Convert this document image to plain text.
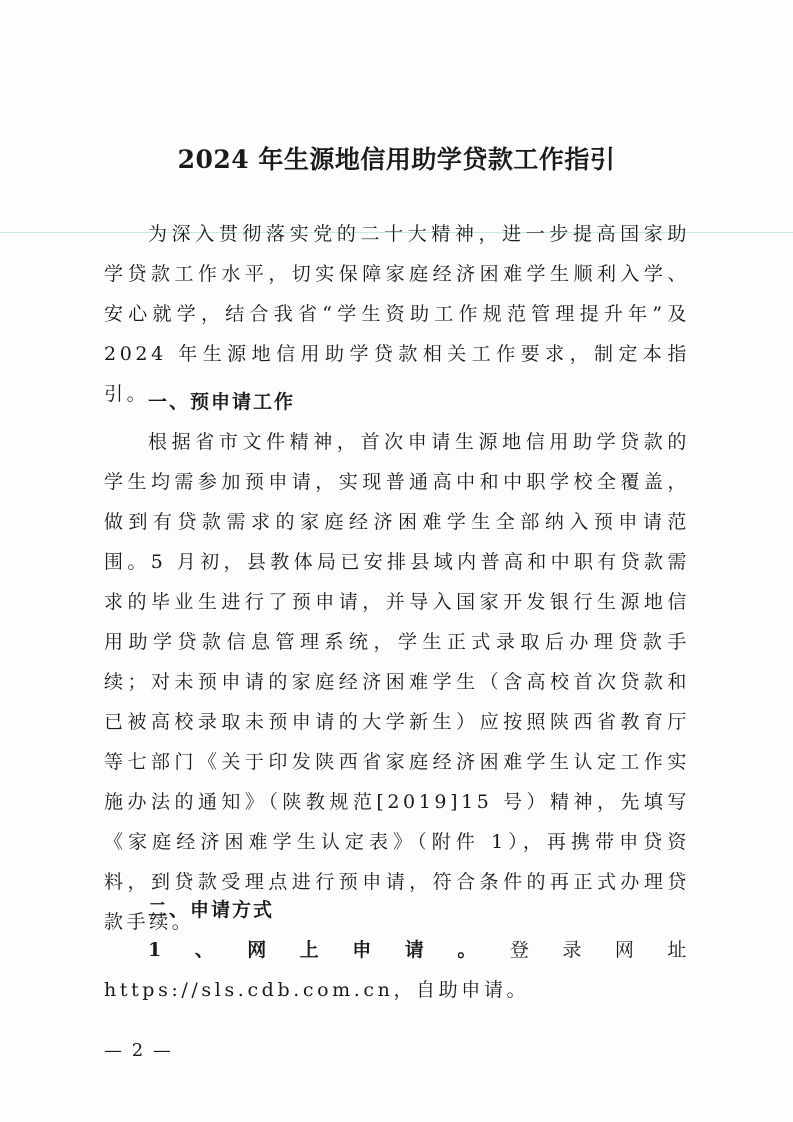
2024 年生源地信用助学贷款工作指引

为深入贯彻落实党的二十大精神，进一步提高国家助学贷款工作水平，切实保障家庭经济困难学生顺利入学、安心就学，结合我省“学生资助工作规范管理提升年”及 2024 年生源地信用助学贷款相关工作要求，制定本指引。

一、预申请工作

根据省市文件精神，首次申请生源地信用助学贷款的学生均需参加预申请，实现普通高中和中职学校全覆盖，做到有贷款需求的家庭经济困难学生全部纳入预申请范围。5 月初，县教体局已安排县域内普高和中职有贷款需求的毕业生进行了预申请，并导入国家开发银行生源地信用助学贷款信息管理系统，学生正式录取后办理贷款手续；对未预申请的家庭经济困难学生（含高校首次贷款和已被高校录取未预申请的大学新生）应按照陕西省教育厅等七部门《关于印发陕西省家庭经济困难学生认定工作实施办法的通知》（陕教规范[2019]15 号）精神，先填写《家庭经济困难学生认定表》（附件 1），再携带申贷资料，到贷款受理点进行预申请，符合条件的再正式办理贷款手续。

二、申请方式

1、网上申请。登录网址 https://sls.cdb.com.cn，自助申请。

— 2 —
